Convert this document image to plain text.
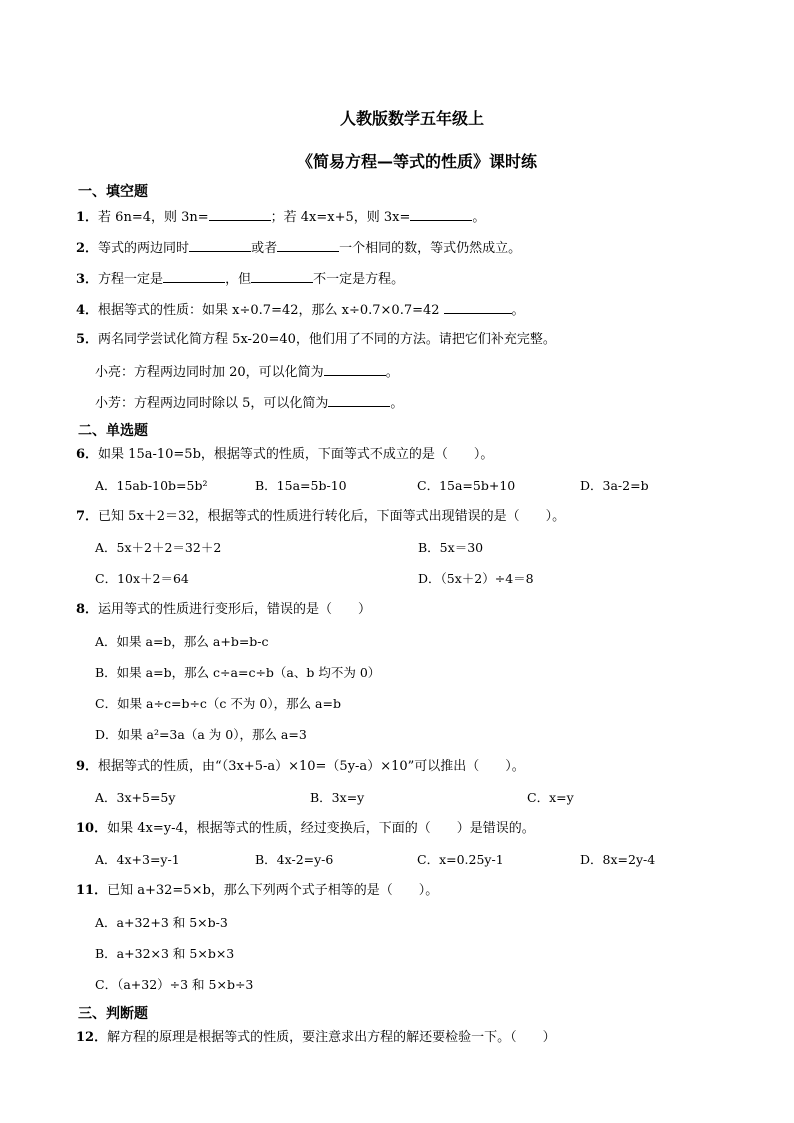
人教版数学五年级上
《简易方程—等式的性质》课时练
一、填空题
1．若 6n=4，则 3n=	；若 4x=x+5，则 3x=	。
2．等式的两边同时	或者	一个相同的数，等式仍然成立。
3．方程一定是	，但	不一定是方程。
4．根据等式的性质：如果 x÷0.7=42，那么 x÷0.7×0.7=42	。
5．两名同学尝试化简方程 5x-20=40，他们用了不同的方法。请把它们补充完整。
小亮：方程两边同时加 20，可以化简为	。
小芳：方程两边同时除以 5，可以化简为	。
二、单选题
6．如果 15a-10=5b，根据等式的性质，下面等式不成立的是（　　）。
A．15ab-10b=5b²	B．15a=5b-10	C．15a=5b+10	D．3a-2=b
7．已知 5x＋2＝32，根据等式的性质进行转化后，下面等式出现错误的是（　　）。
A．5x＋2＋2＝32＋2	B．5x＝30
C．10x＋2＝64	D．（5x＋2）÷4＝8
8．运用等式的性质进行变形后，错误的是（　　）
A．如果 a=b，那么 a+b=b-c
B．如果 a=b，那么 c÷a=c÷b（a、b 均不为 0）
C．如果 a÷c=b÷c（c 不为 0），那么 a=b
D．如果 a²=3a（a 为 0），那么 a=3
9．根据等式的性质，由“（3x+5-a）×10=（5y-a）×10”可以推出（　　）。
A．3x+5=5y	B．3x=y	C．x=y
10．如果 4x=y-4，根据等式的性质，经过变换后，下面的（　　）是错误的。
A．4x+3=y-1	B．4x-2=y-6	C．x=0.25y-1	D．8x=2y-4
11．已知 a+32=5×b，那么下列两个式子相等的是（　　）。
A．a+32+3 和 5×b-3
B．a+32×3 和 5×b×3
C．（a+32）÷3 和 5×b÷3
三、判断题
12．解方程的原理是根据等式的性质，要注意求出方程的解还要检验一下。（　　）
